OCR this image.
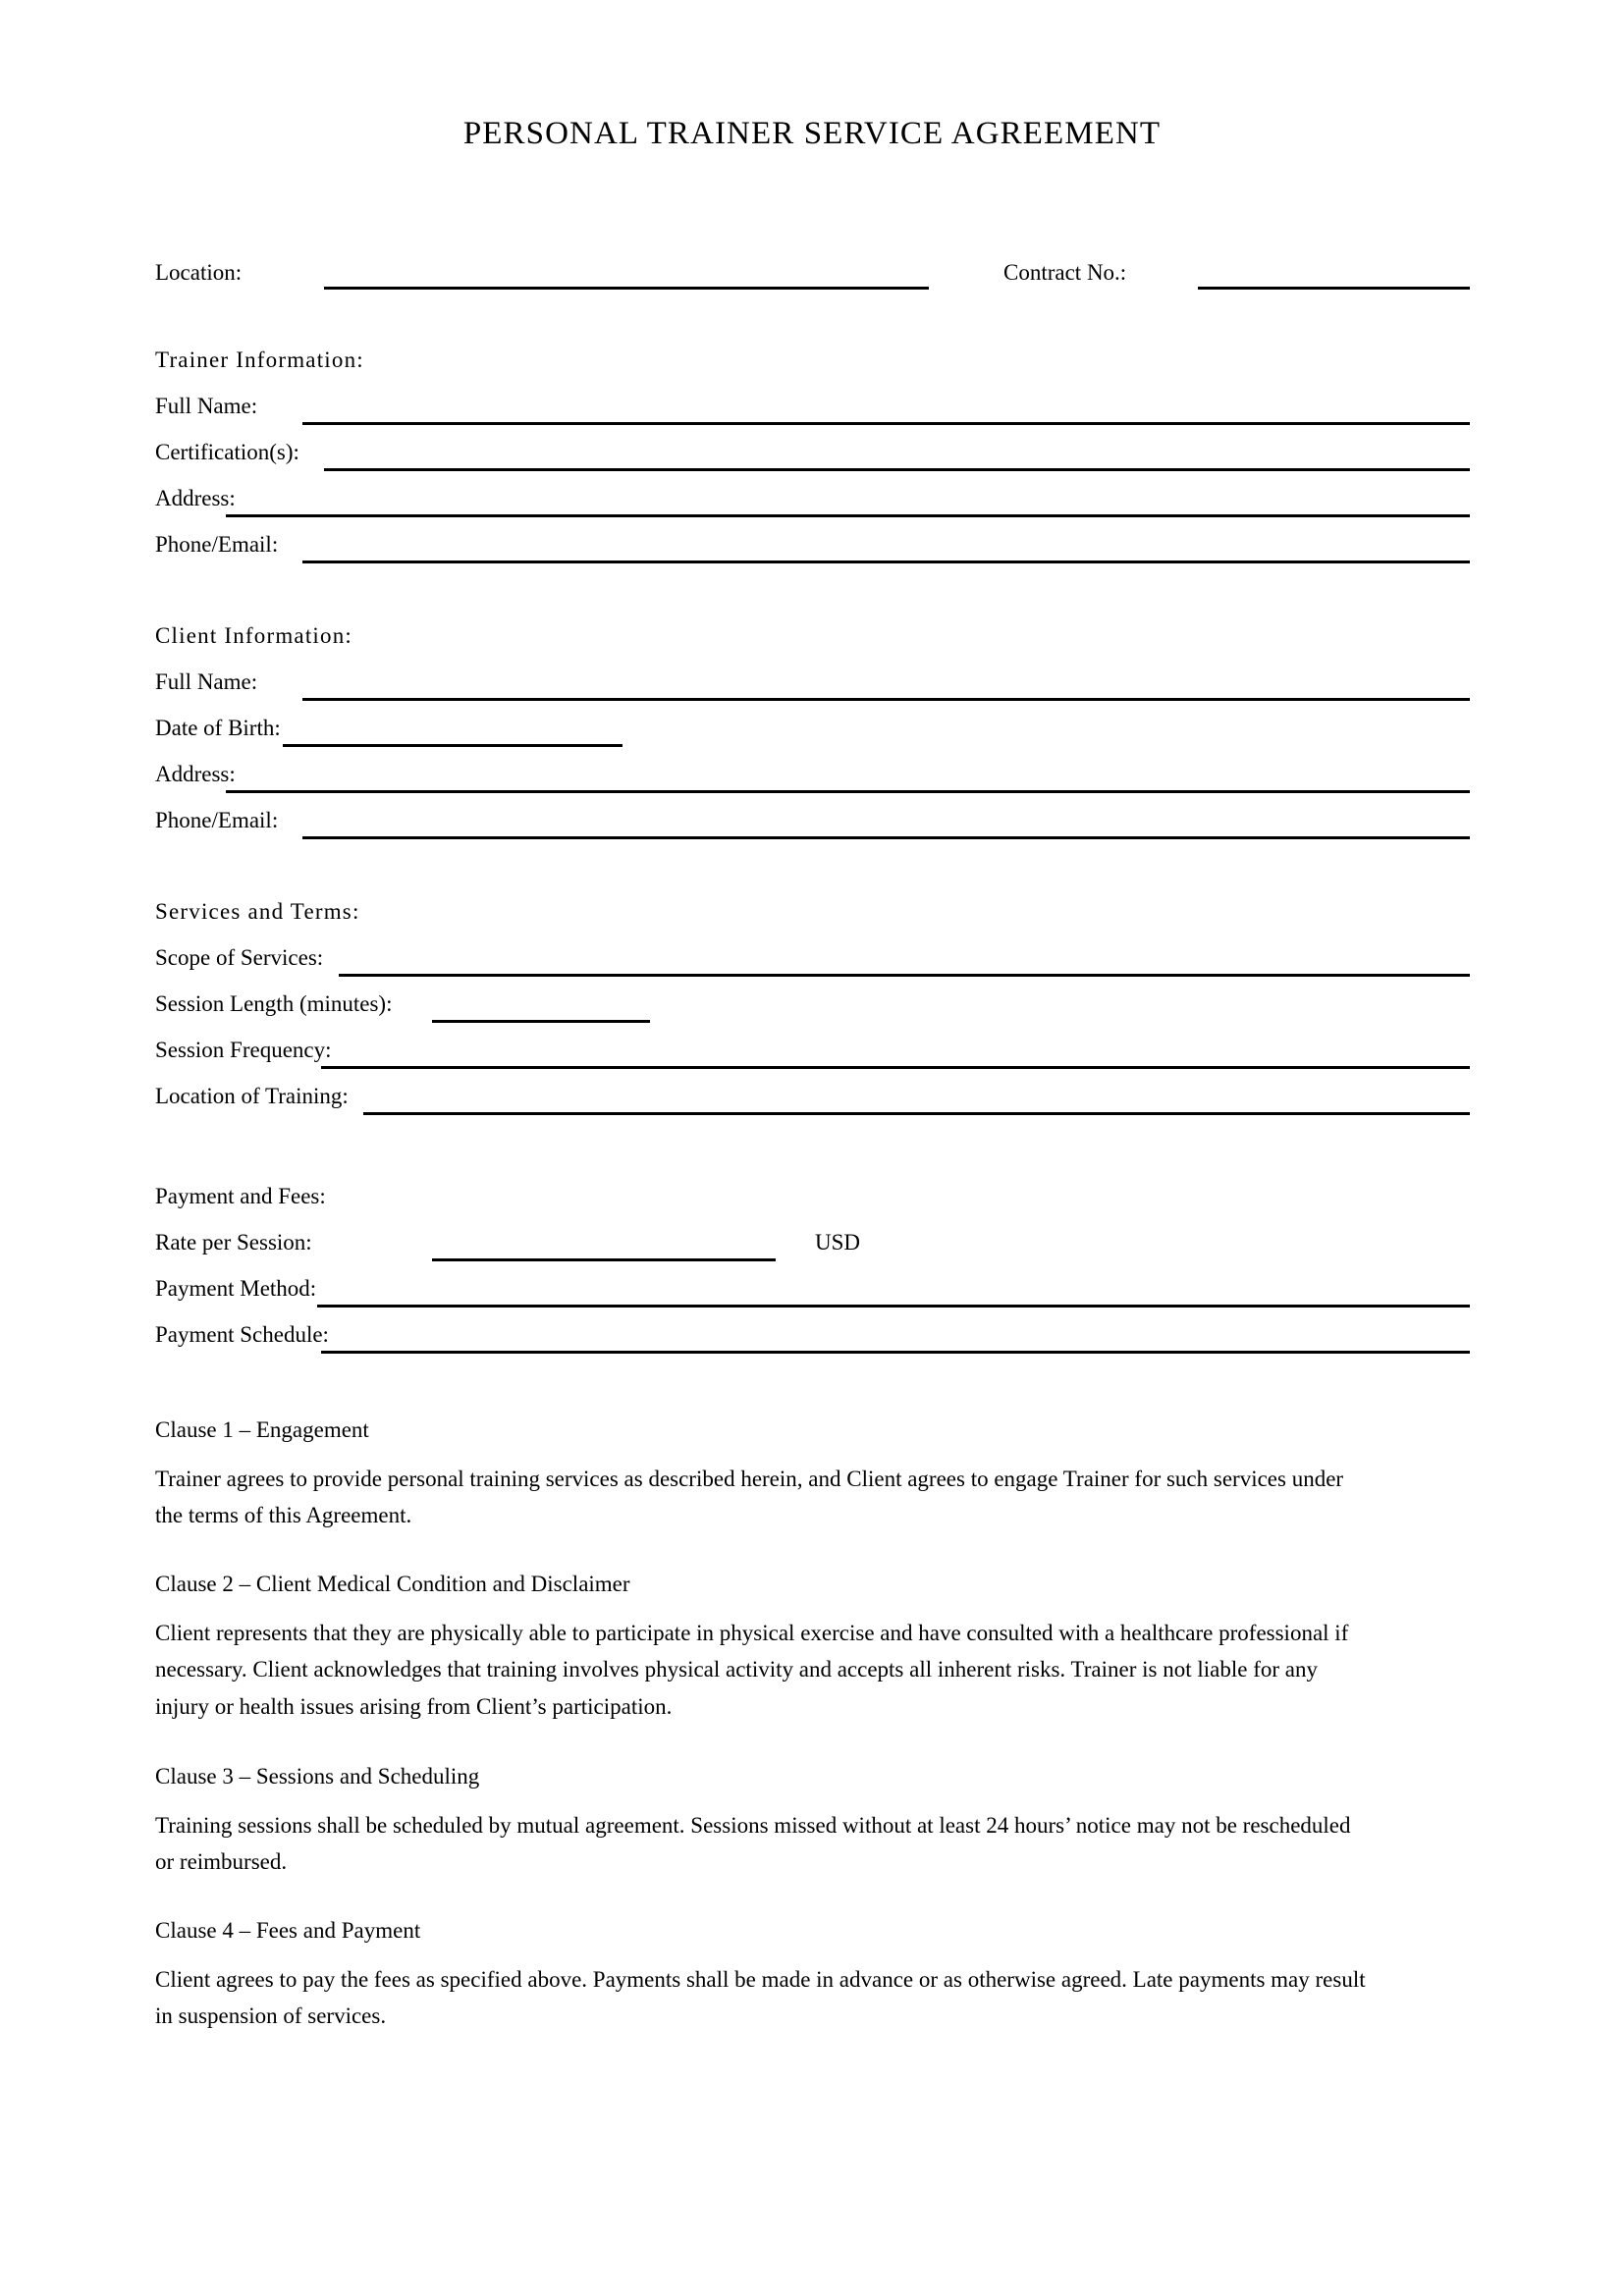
PERSONAL TRAINER SERVICE AGREEMENT
Location:	Contract No.:
Trainer Information:
Full Name:
Certification(s):
Address:
Phone/Email:
Client Information:
Full Name:
Date of Birth:
Address:
Phone/Email:
Services and Terms:
Scope of Services:
Session Length (minutes):
Session Frequency:
Location of Training:
Payment and Fees:
Rate per Session:	USD
Payment Method:
Payment Schedule:

Clause 1 – Engagement

Trainer agrees to provide personal training services as described herein, and Client agrees to engage Trainer for such services under the terms of this Agreement.

Clause 2 – Client Medical Condition and Disclaimer

Client represents that they are physically able to participate in physical exercise and have consulted with a healthcare professional if necessary. Client acknowledges that training involves physical activity and accepts all inherent risks. Trainer is not liable for any injury or health issues arising from Client’s participation.

Clause 3 – Sessions and Scheduling

Training sessions shall be scheduled by mutual agreement. Sessions missed without at least 24 hours’ notice may not be rescheduled or reimbursed.

Clause 4 – Fees and Payment

Client agrees to pay the fees as specified above. Payments shall be made in advance or as otherwise agreed. Late payments may result in suspension of services.
